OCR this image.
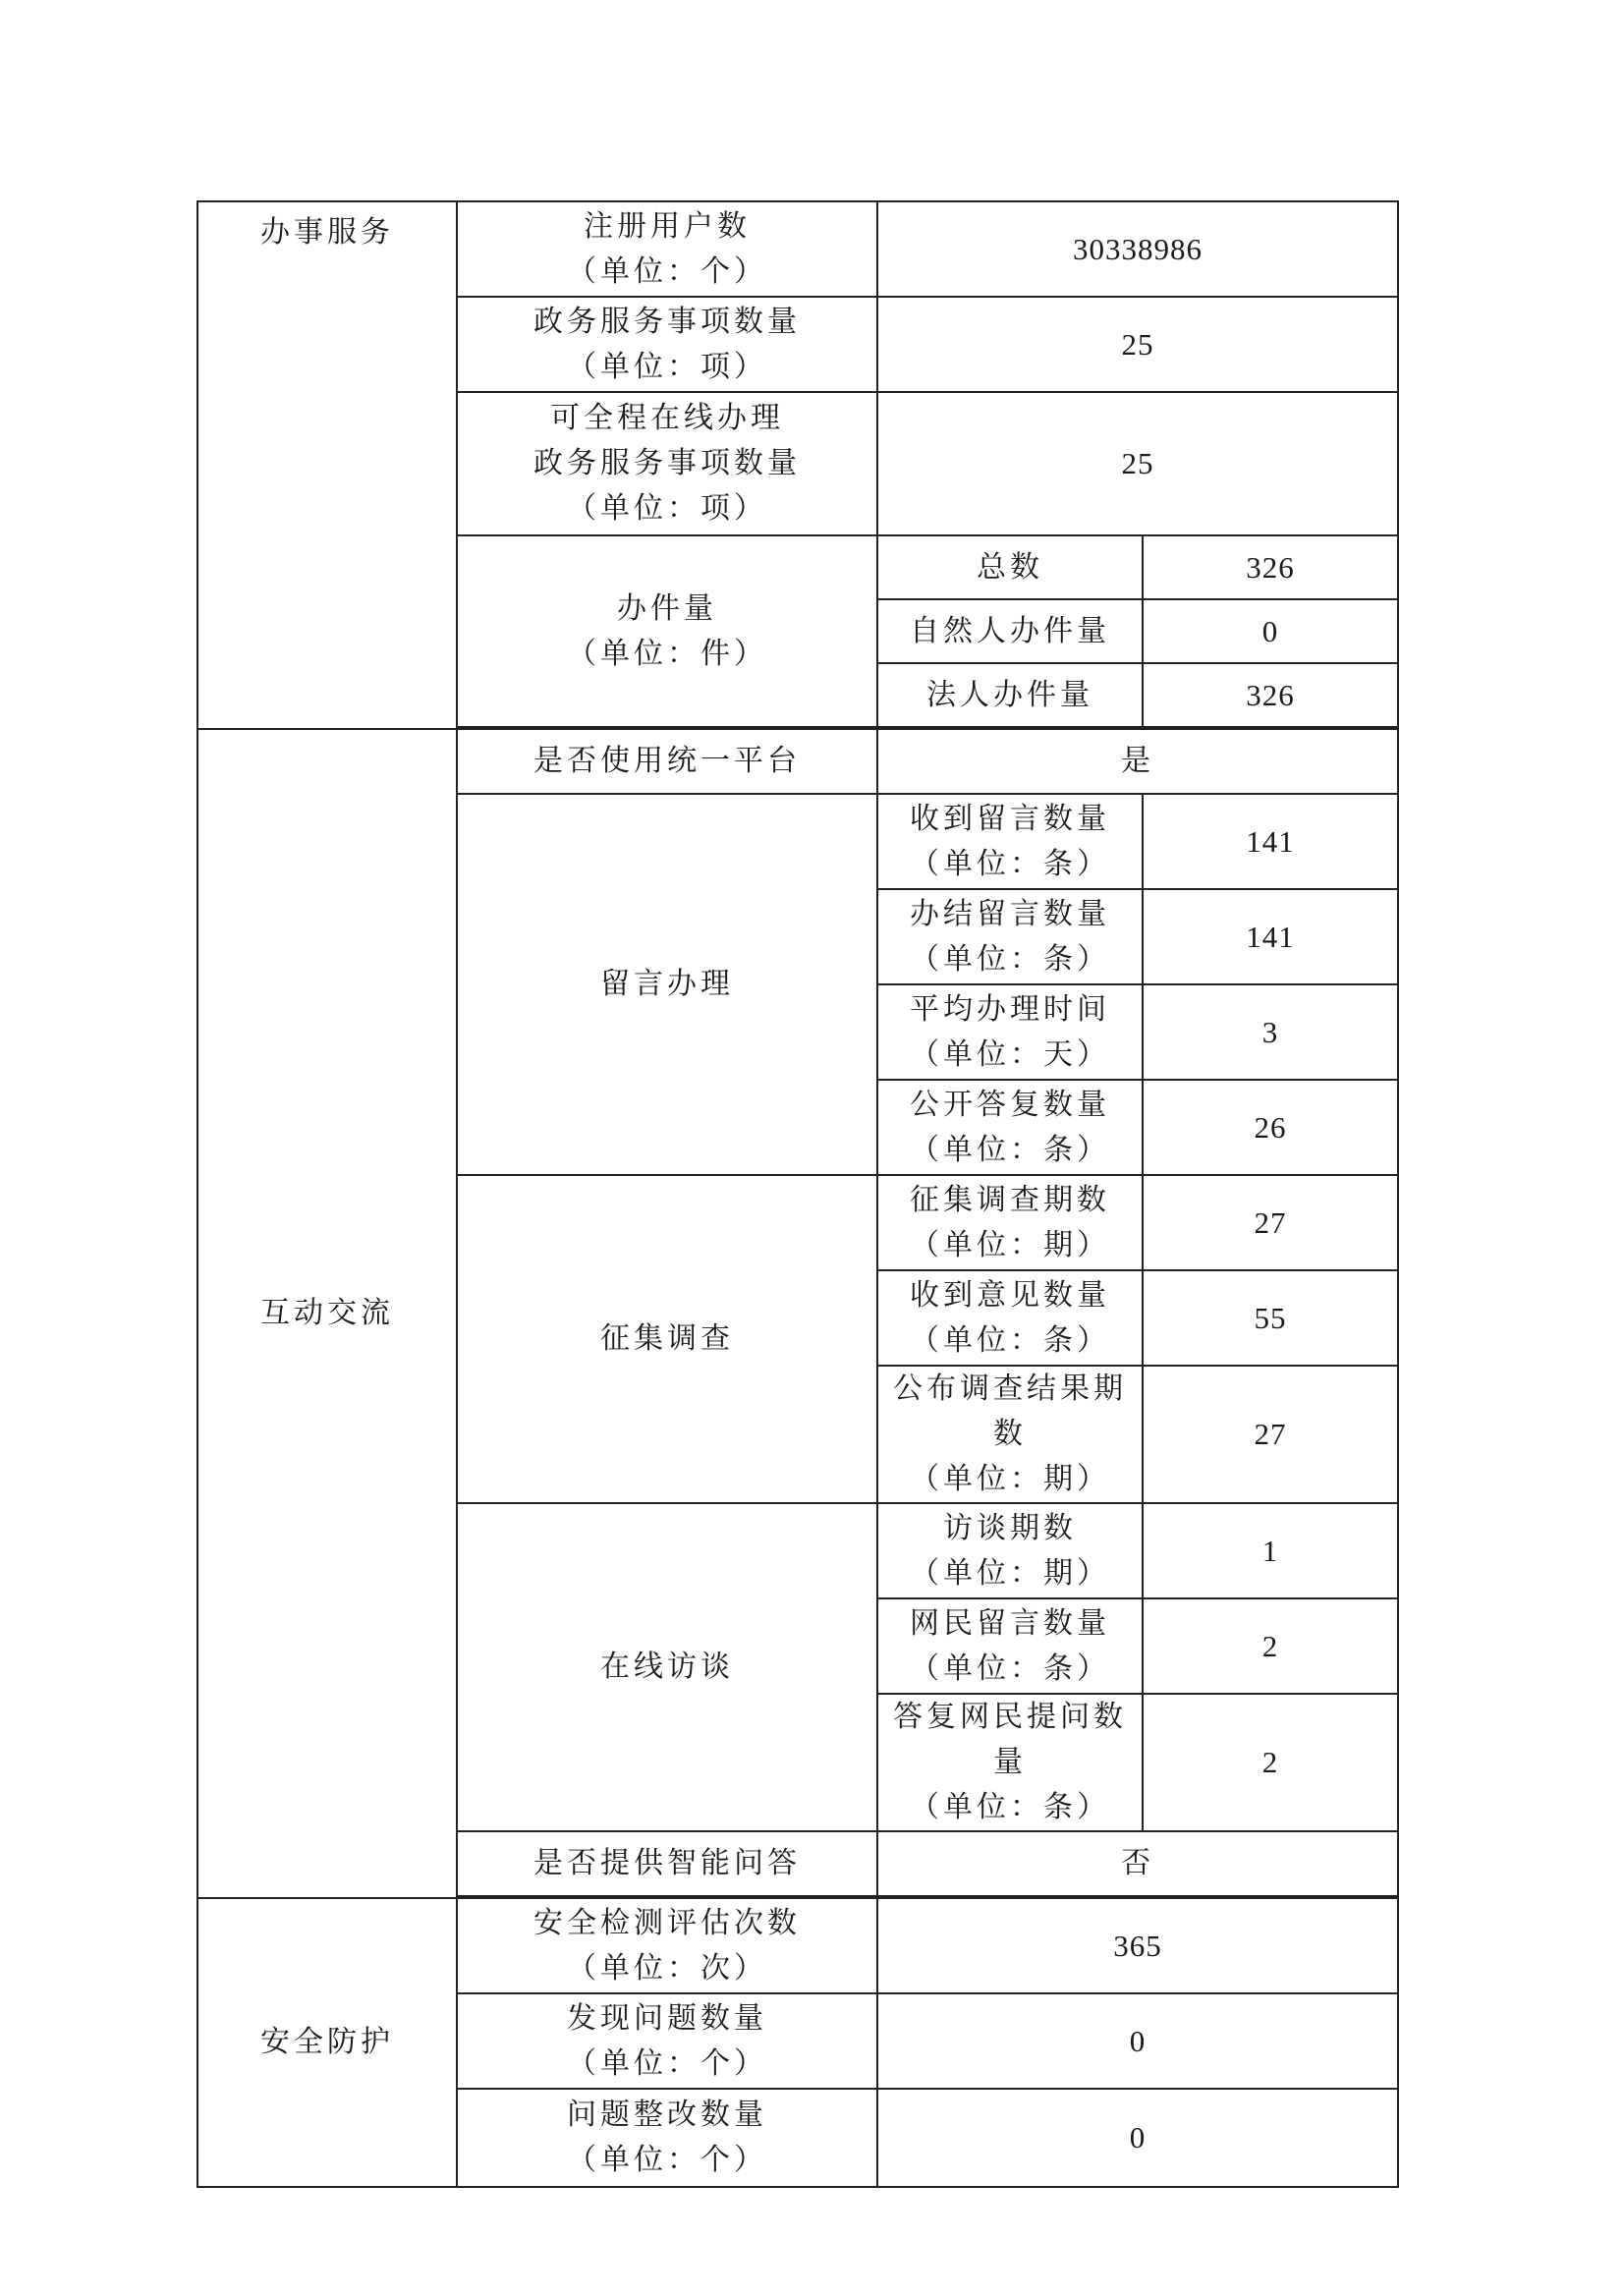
办事服务	注册用户数
（单位：个）	30338986	

	政务服务事项数量
（单位：项）	25	

	可全程在线办理
政务服务事项数量
（单位：项）	25	

	办件量
（单位：件）	总数	326
		自然人办件量	0
		法人办件量	326

互动交流	是否使用统一平台	是	
	留言办理	收到留言数量
（单位：条）	141

		办结留言数量
（单位：条）	141

		平均办理时间
（单位：天）	3

		公开答复数量
（单位：条）	26
	征集调查	征集调查期数
（单位：期）	27

		收到意见数量
（单位：条）	55

		公布调查结果期数
（单位：期）	27
	在线访谈	访谈期数
（单位：期）	1

		网民留言数量
（单位：条）	2

		答复网民提问数量
（单位：条）	2
	是否提供智能问答	否	

安全防护	安全检测评估次数
（单位：次）	365	

	发现问题数量
（单位：个）	0	

	问题整改数量
（单位：个）	0	
